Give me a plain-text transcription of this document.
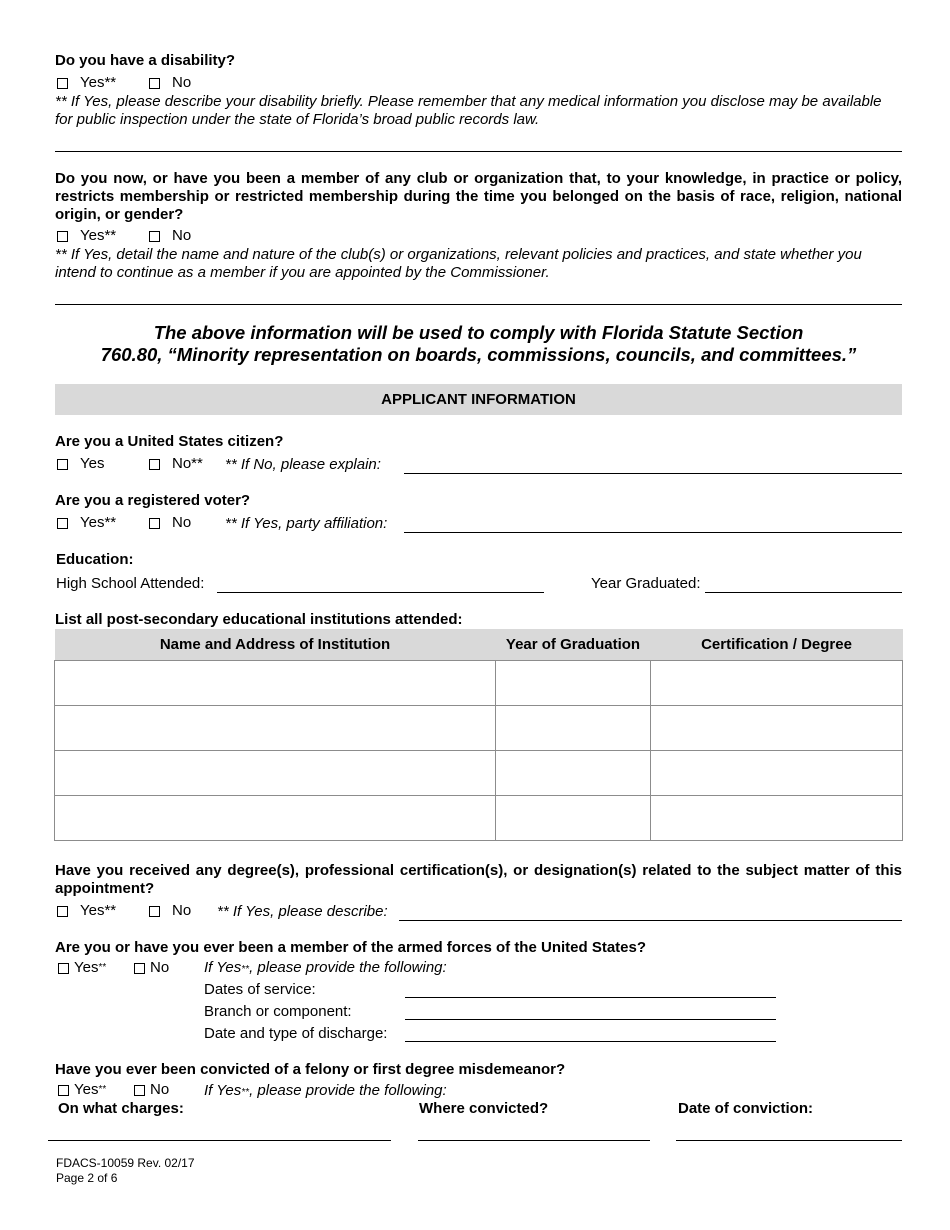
Do you have a disability?
Yes**	No
** If Yes, please describe your disability briefly. Please remember that any medical information you disclose may be available for public inspection under the state of Florida’s broad public records law.
Do you now, or have you been a member of any club or organization that, to your knowledge, in practice or policy, restricts membership or restricted membership during the time you belonged on the basis of race, religion, national origin, or gender?
Yes**	No
** If Yes, detail the name and nature of the club(s) or organizations, relevant policies and practices, and state whether you intend to continue as a member if you are appointed by the Commissioner.
The above information will be used to comply with Florida Statute Section
760.80, “Minority representation on boards, commissions, councils, and committees.”
APPLICANT INFORMATION
Are you a United States citizen?
Yes	No** ** If No, please explain:
Are you a registered voter?
Yes**	No ** If Yes, party affiliation:
Education:
High School Attended:	Year Graduated:
List all post-secondary educational institutions attended:
Name and Address of Institution	Year of Graduation	Certification / Degree

Have you received any degree(s), professional certification(s), or designation(s) related to the subject matter of this appointment?
Yes**	No ** If Yes, please describe:
Are you or have you ever been a member of the armed forces of the United States?
Yes **	No If Yes**, please provide the following:
Dates of service:
Branch or component:
Date and type of discharge:
Have you ever been convicted of a felony or first degree misdemeanor?
Yes **	No If Yes**, please provide the following:
On what charges:	Where convicted?	Date of conviction:
FDACS-10059 Rev. 02/17
Page 2 of 6
